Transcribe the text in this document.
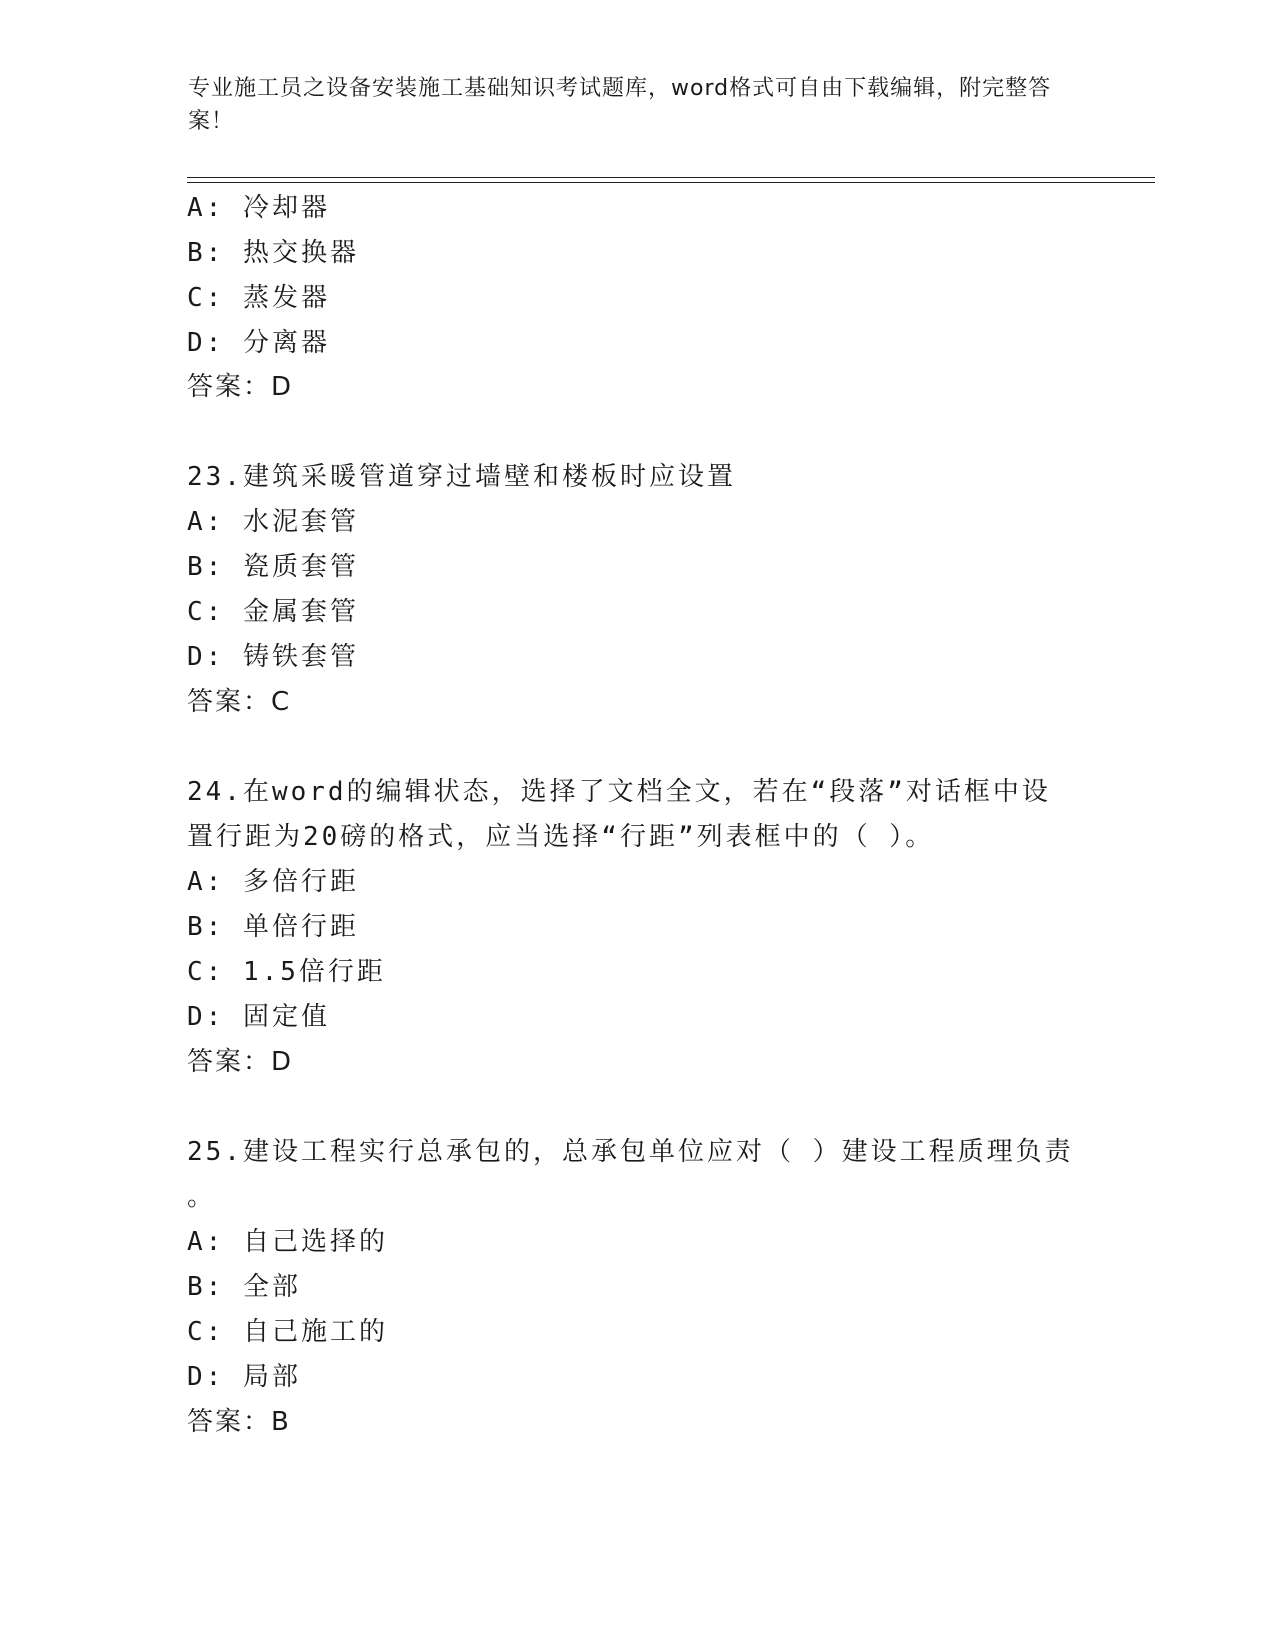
专业施工员之设备安装施工基础知识考试题库，word格式可自由下载编辑，附完整答案！
A: 冷却器
B: 热交换器
C: 蒸发器
D: 分离器
答案：D
23.建筑采暖管道穿过墙壁和楼板时应设置
A: 水泥套管
B: 瓷质套管
C: 金属套管
D: 铸铁套管
答案：C
24.在word的编辑状态，选择了文档全文，若在“段落”对话框中设
置行距为20磅的格式，应当选择“行距”列表框中的（ ）。
A: 多倍行距
B: 单倍行距
C: 1.5倍行距
D: 固定值
答案：D
25.建设工程实行总承包的，总承包单位应对（ ）建设工程质理负责
。
A: 自己选择的
B: 全部
C: 自己施工的
D: 局部
答案：B
